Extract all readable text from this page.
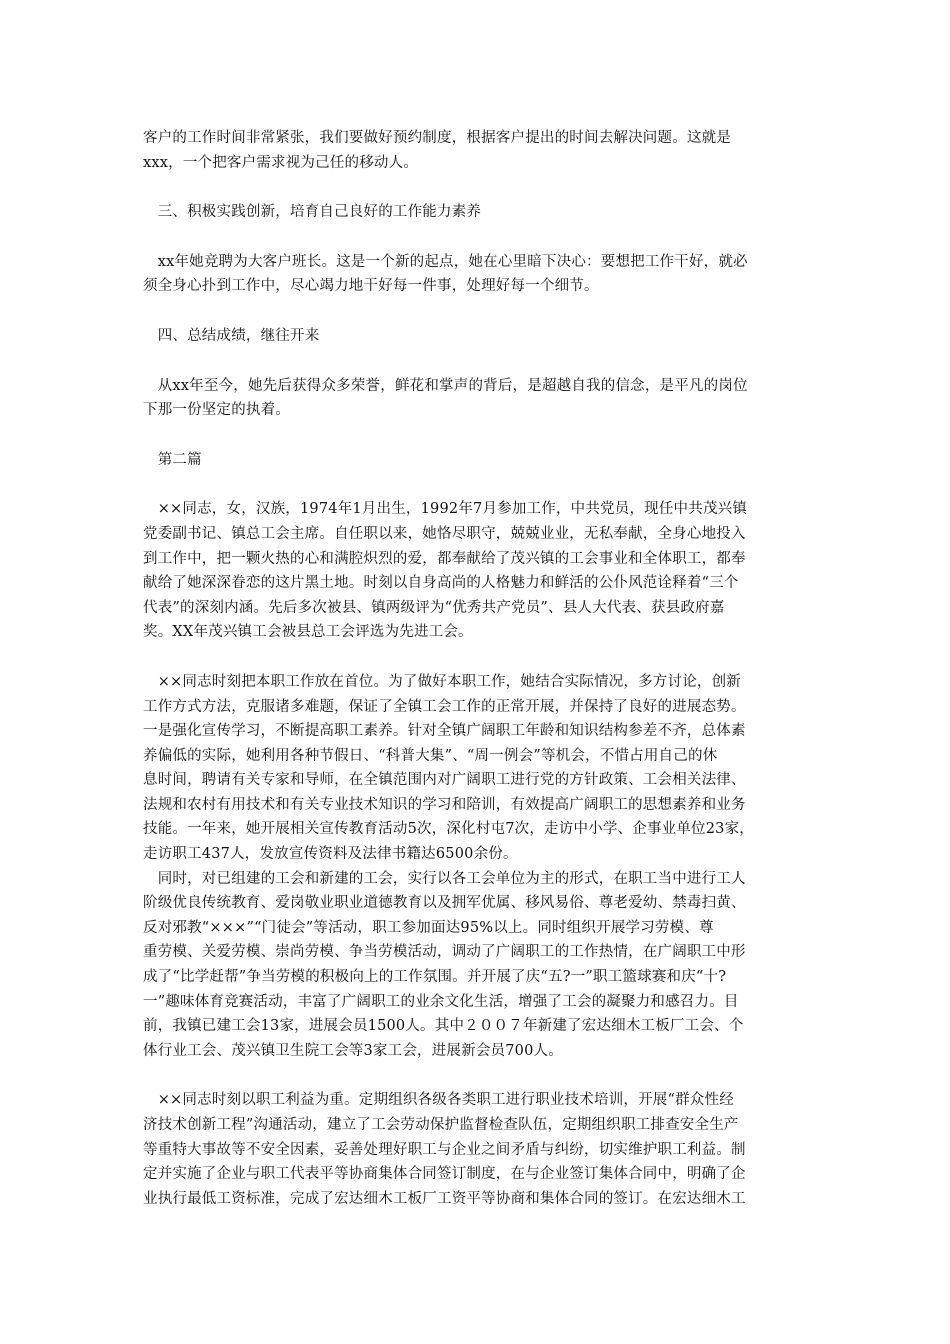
客户的工作时间非常紧张，我们要做好预约制度，根据客户提出的时间去解决问题。这就是
xxx，一个把客户需求视为己任的移动人。
　三、积极实践创新，培育自己良好的工作能力素养
　xx年她竞聘为大客户班长。这是一个新的起点，她在心里暗下决心：要想把工作干好，就必
须全身心扑到工作中，尽心竭力地干好每一件事，处理好每一个细节。
　四、总结成绩，继往开来
　从xx年至今，她先后获得众多荣誉，鲜花和掌声的背后，是超越自我的信念，是平凡的岗位
下那一份坚定的执着。
　第二篇
　××同志，女，汉族，1974年1月出生，1992年7月参加工作，中共党员，现任中共茂兴镇
党委副书记、镇总工会主席。自任职以来，她恪尽职守，兢兢业业，无私奉献，全身心地投入
到工作中，把一颗火热的心和满腔炽烈的爱，都奉献给了茂兴镇的工会事业和全体职工，都奉
献给了她深深眷恋的这片黑土地。时刻以自身高尚的人格魅力和鲜活的公仆风范诠释着“三个
代表”的深刻内涵。先后多次被县、镇两级评为“优秀共产党员”、县人大代表、获县政府嘉
奖。XX年茂兴镇工会被县总工会评选为先进工会。
　××同志时刻把本职工作放在首位。为了做好本职工作，她结合实际情况，多方讨论，创新
工作方式方法，克服诸多难题，保证了全镇工会工作的正常开展，并保持了良好的进展态势。
一是强化宣传学习，不断提高职工素养。针对全镇广阔职工年龄和知识结构参差不齐，总体素
养偏低的实际，她利用各种节假日、“科普大集”、“周一例会”等机会，不惜占用自己的休
息时间，聘请有关专家和导师，在全镇范围内对广阔职工进行党的方针政策、工会相关法律、
法规和农村有用技术和有关专业技术知识的学习和陪训，有效提高广阔职工的思想素养和业务
技能。一年来，她开展相关宣传教育活动5次，深化村屯7次，走访中小学、企事业单位23家，
走访职工437人，发放宣传资料及法律书籍达6500余份。
　同时，对已组建的工会和新建的工会，实行以各工会单位为主的形式，在职工当中进行工人
阶级优良传统教育、爱岗敬业职业道德教育以及拥军优属、移风易俗、尊老爱幼、禁毒扫黄、
反对邪教“×××”“门徒会”等活动，职工参加面达95%以上。同时组织开展学习劳模、尊
重劳模、关爱劳模、崇尚劳模、争当劳模活动，调动了广阔职工的工作热情，在广阔职工中形
成了“比学赶帮”争当劳模的积极向上的工作氛围。并开展了庆“五?一”职工篮球赛和庆“十?
一”趣味体育竞赛活动，丰富了广阔职工的业余文化生活，增强了工会的凝聚力和感召力。目
前，我镇已建工会13家，进展会员1500人。其中２００７年新建了宏达细木工板厂工会、个
体行业工会、茂兴镇卫生院工会等3家工会，进展新会员700人。
　××同志时刻以职工利益为重。定期组织各级各类职工进行职业技术培训，开展“群众性经
济技术创新工程”沟通活动，建立了工会劳动保护监督检查队伍，定期组织职工排查安全生产
等重特大事故等不安全因素，妥善处理好职工与企业之间矛盾与纠纷，切实维护职工利益。制
定并实施了企业与职工代表平等协商集体合同签订制度，在与企业签订集体合同中，明确了企
业执行最低工资标准，完成了宏达细木工板厂工资平等协商和集体合同的签订。在宏达细木工
